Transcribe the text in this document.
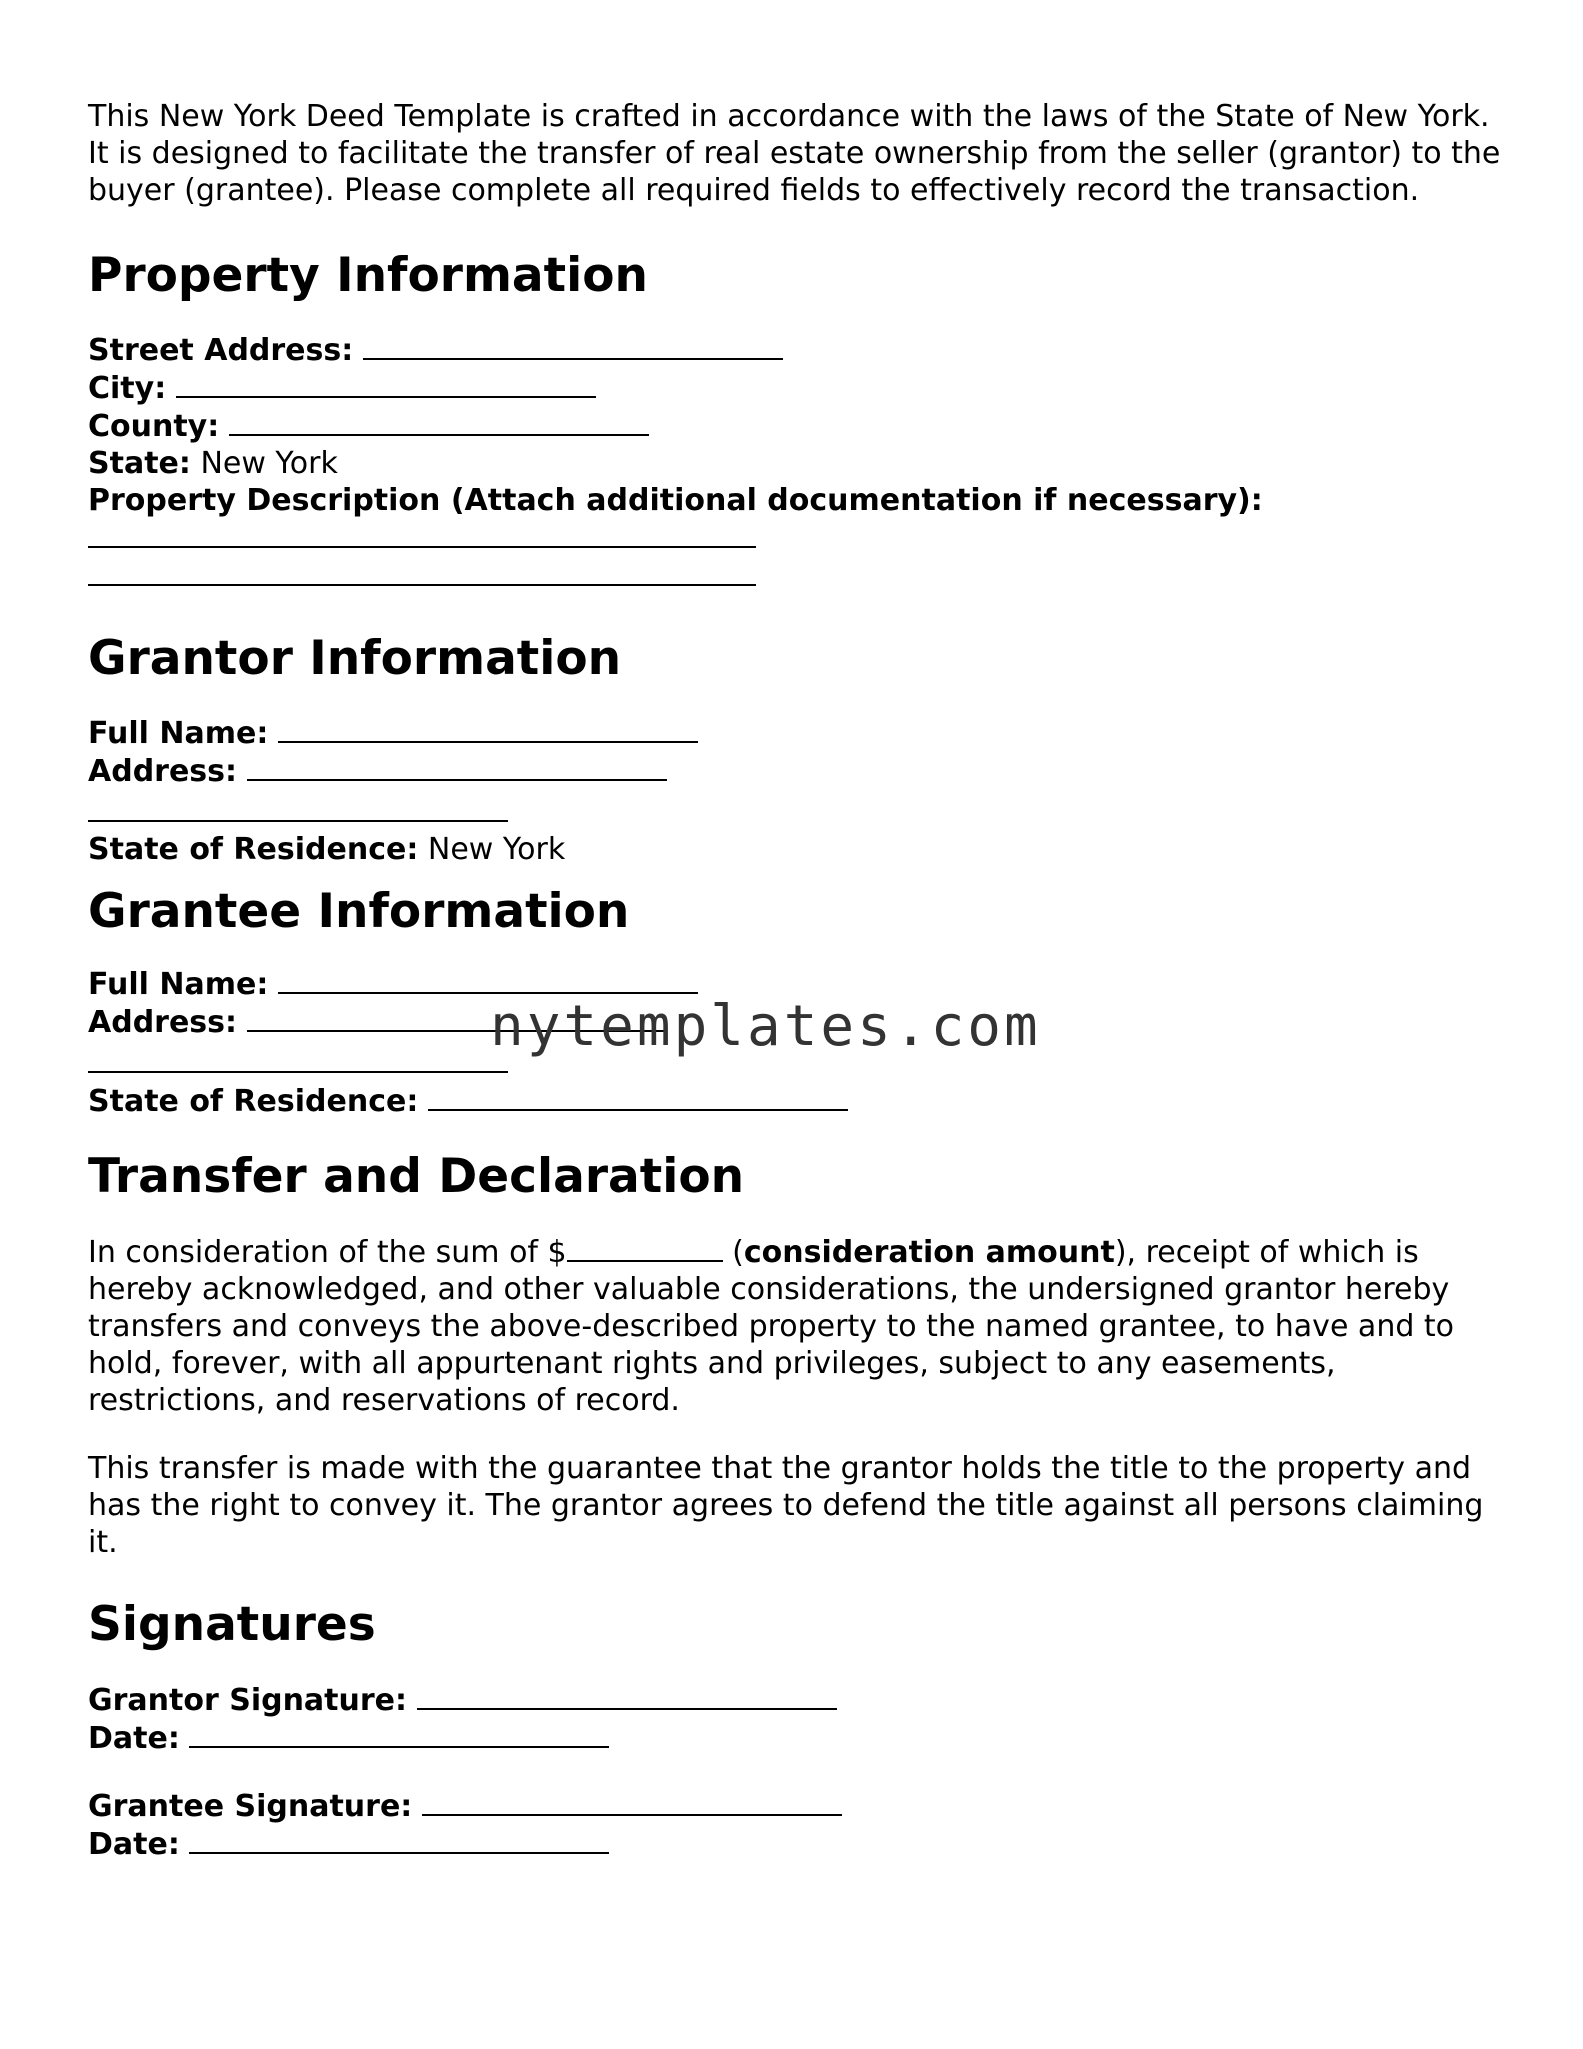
This New York Deed Template is crafted in accordance with the laws of the State of New York. It is designed to facilitate the transfer of real estate ownership from the seller (grantor) to the buyer (grantee). Please complete all required fields to effectively record the transaction.

Property Information
Street Address:
City:
County:
State: New York
Property Description (Attach additional documentation if necessary):
Grantor Information
Full Name:
Address:
State of Residence: New York
Grantee Information
Full Name:
Address:
State of Residence:
Transfer and Declaration

In consideration of the sum of $	(consideration amount), receipt of which is hereby acknowledged, and other valuable considerations, the undersigned grantor hereby transfers and conveys the above-described property to the named grantee, to have and to hold, forever, with all appurtenant rights and privileges, subject to any easements, restrictions, and reservations of record.

This transfer is made with the guarantee that the grantor holds the title to the property and has the right to convey it. The grantor agrees to defend the title against all persons claiming it.

Signatures
Grantor Signature:
Date:
Grantee Signature:
Date:
nytemplates.com
